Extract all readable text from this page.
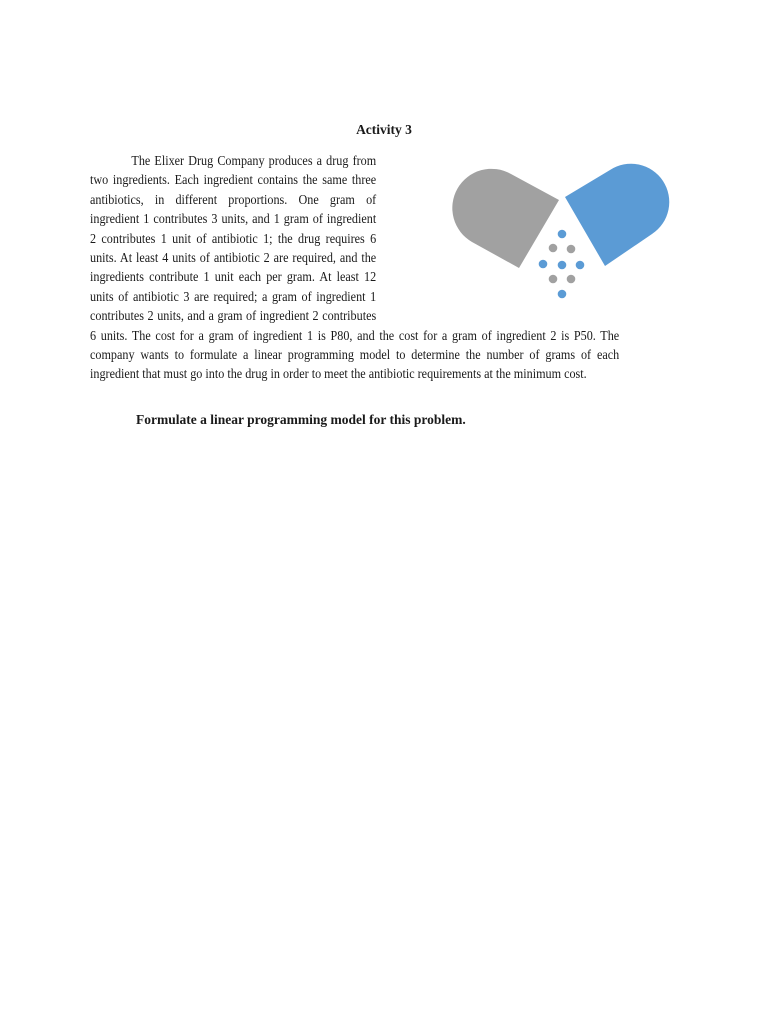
Activity 3

The Elixer Drug Company produces a drug from two ingredients. Each ingredient contains the same three antibiotics, in different proportions. One gram of ingredient 1 contributes 3 units, and 1 gram of ingredient 2 contributes 1 unit of antibiotic 1; the drug requires 6 units. At least 4 units of antibiotic 2 are required, and the ingredients contribute 1 unit each per gram. At least 12 units of antibiotic 3 are required; a gram of ingredient 1 contributes 2 units, and a gram of ingredient 2 contributes 6 units. The cost for a gram of ingredient 1 is P80, and the cost for a gram of ingredient 2 is P50. The company wants to formulate a linear programming model to determine the number of grams of each ingredient that must go into the drug in order to meet the antibiotic requirements at the minimum cost.

Formulate a linear programming model for this problem.
